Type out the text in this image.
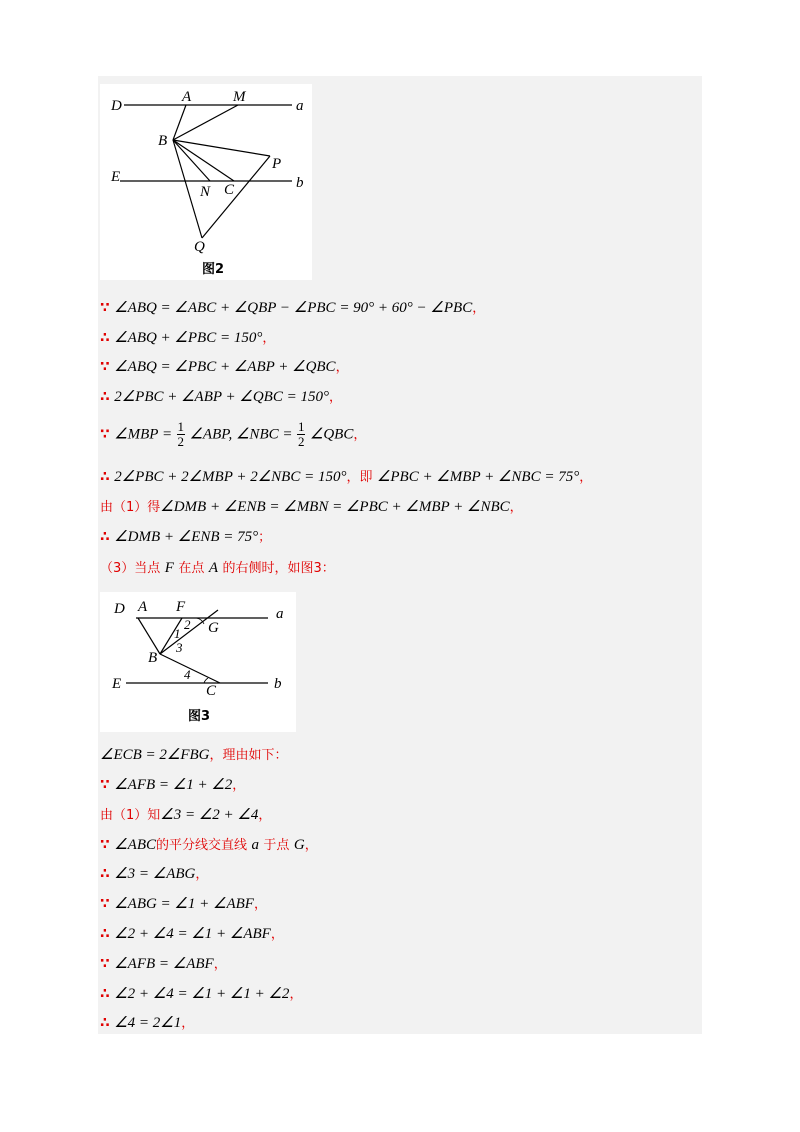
D
A	M
a
B
P
E
N C	b
Q
图2
∵ ∠ABQ = ∠ABC + ∠QBP − ∠PBC = 90° + 60° − ∠PBC，
∴ ∠ABQ + ∠PBC = 150°，
∵ ∠ABQ = ∠PBC + ∠ABP + ∠QBC，
∴ 2∠PBC + ∠ABP + ∠QBC = 150°，
∵ ∠MBP = $\frac{1}{2}$ ∠ABP, ∠NBC = $\frac{1}{2}$ ∠QBC，
∴ 2∠PBC + 2∠MBP + 2∠NBC = 150°，即 ∠PBC + ∠MBP + ∠NBC = 75°，
由（1）得∠DMB + ∠ENB = ∠MBN = ∠PBC + ∠MBP + ∠NBC，
∴ ∠DMB + ∠ENB = 75°；
（3）当点 F 在点 A 的右侧时，如图3：
D A F	a
G
1
2
3
B
4
E	C	b
图3
∠ECB = 2∠FBG，理由如下：
∵ ∠AFB = ∠1 + ∠2，
由（1）知∠3 = ∠2 + ∠4，
∵ ∠ABC的平分线交直线 a 于点 G，
∴ ∠3 = ∠ABG，
∵ ∠ABG = ∠1 + ∠ABF，
∴ ∠2 + ∠4 = ∠1 + ∠ABF，
∵ ∠AFB = ∠ABF，
∴ ∠2 + ∠4 = ∠1 + ∠1 + ∠2，
∴ ∠4 = 2∠1，
